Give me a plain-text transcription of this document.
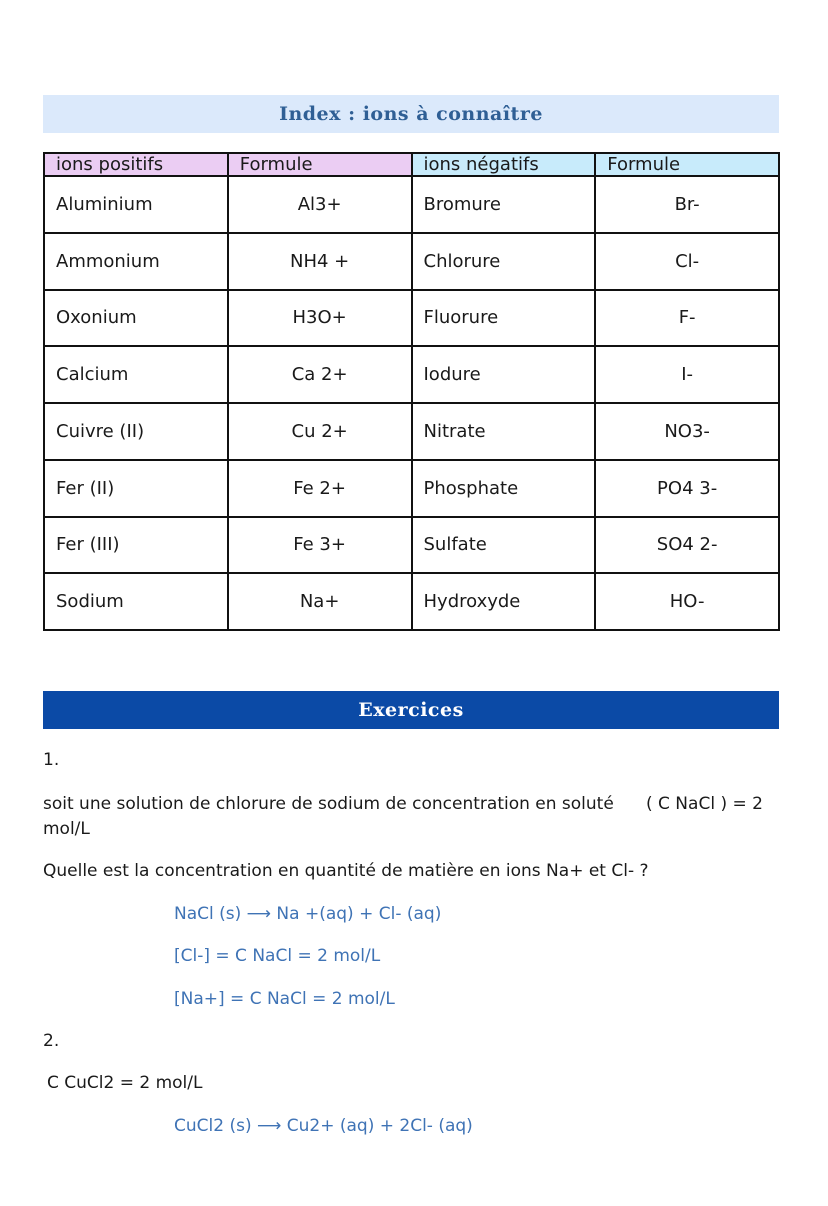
Index : ions à connaître
ions positifs	Formule	ions négatifs	Formule
Aluminium	Al3+	Bromure	Br-
Ammonium	NH4 +	Chlorure	Cl-
Oxonium	H3O+	Fluorure	F-
Calcium	Ca 2+	Iodure	I-
Cuivre (II)	Cu 2+	Nitrate	NO3-
Fer (II)	Fe 2+	Phosphate	PO4 3-
Fer (III)	Fe 3+	Sulfate	SO4 2-
Sodium	Na+	Hydroxyde	HO-
Exercices
1.
soit une solution de chlorure de sodium de concentration en soluté ( C NaCl ) = 2
mol/L
Quelle est la concentration en quantité de matière en ions Na+ et Cl- ?
NaCl (s) ⟶ Na +(aq) + Cl- (aq)
[Cl-] = C NaCl = 2 mol/L
[Na+] = C NaCl = 2 mol/L
2.
C CuCl2 = 2 mol/L
CuCl2 (s) ⟶ Cu2+ (aq) + 2Cl- (aq)
